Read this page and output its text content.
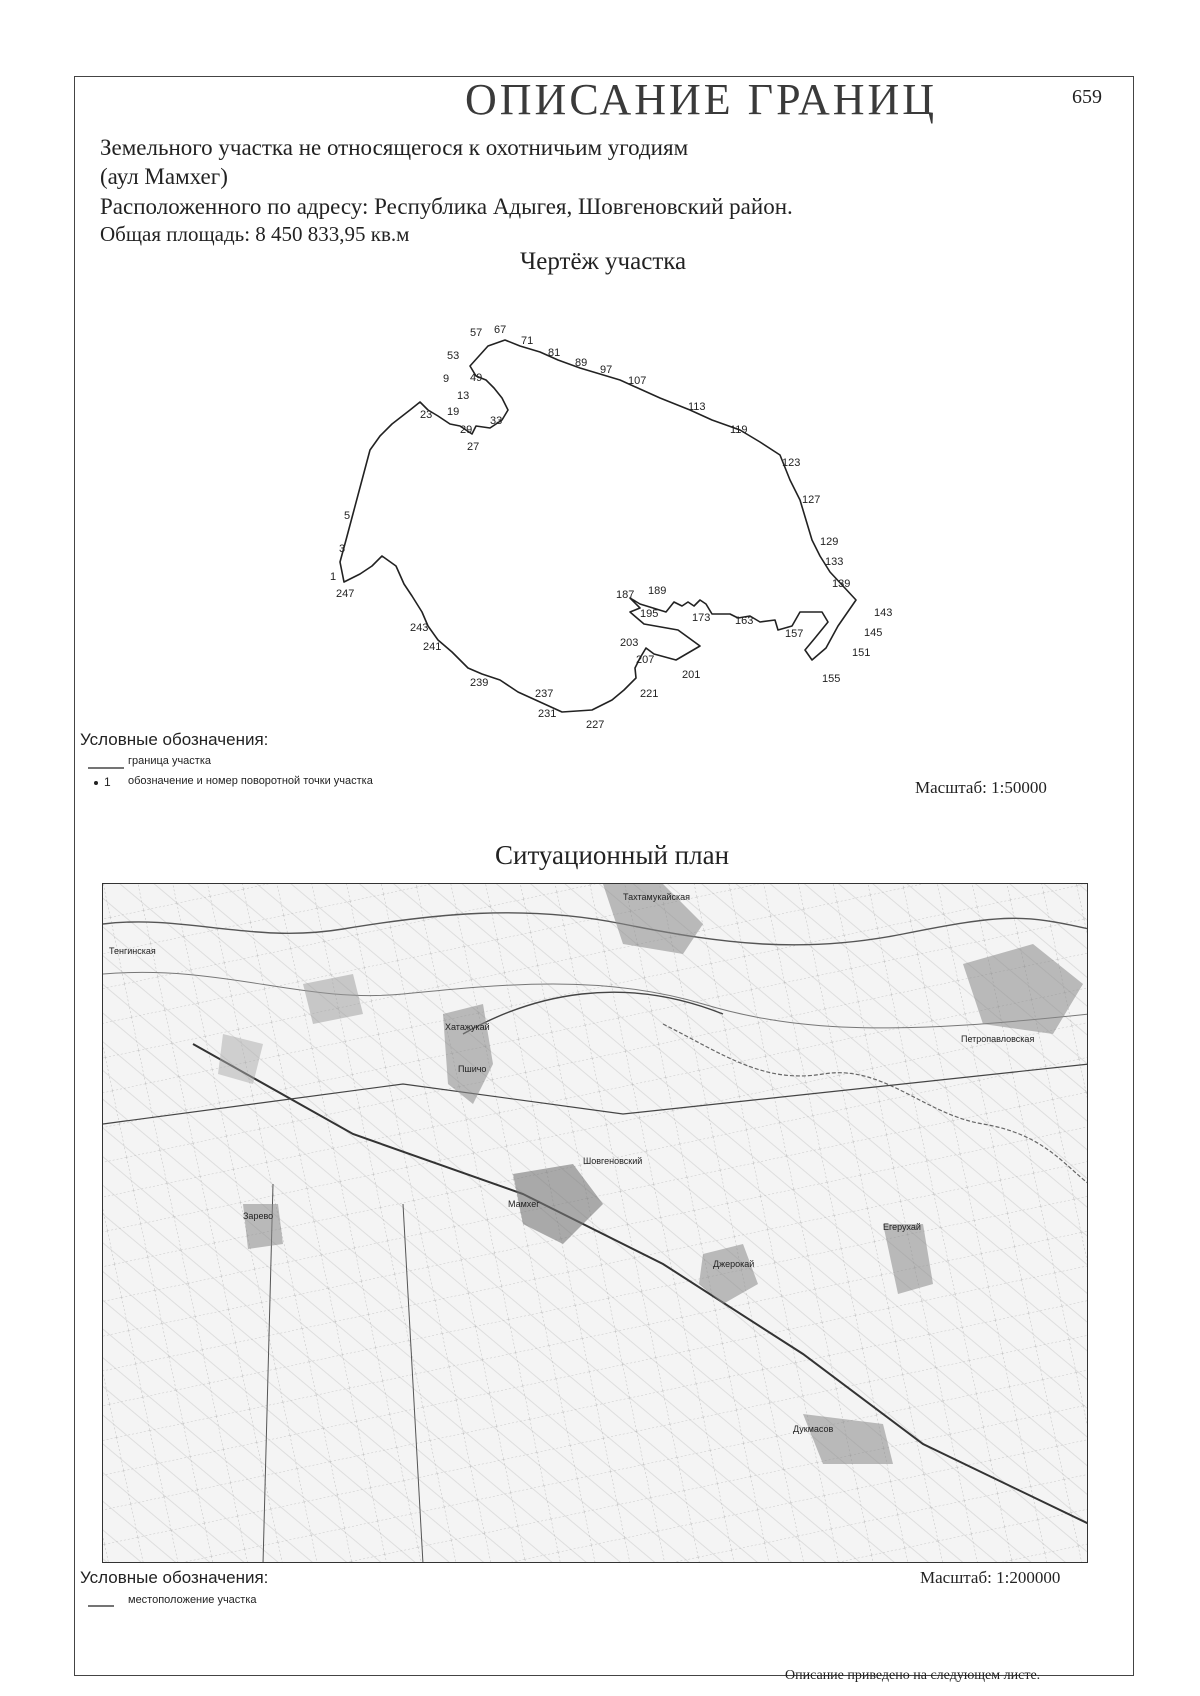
ОПИСАНИЕ ГРАНИЦ	659
Земельного участка не относящегося к охотничьим угодиям
(аул Мамхег)
Расположенного по адресу: Республика Адыгея, Шовгеновский район.
Общая площадь: 8 450 833,95 кв.м
Чертёж участка
57 67
71
81
89
97
107
53
9 49
13
19
23	33
29
27
113
119
123
127
5
3
1
247
129
133
139
187 189
195	173 163
157
143
145
151
155
243
241	203
207
201
239
237
231
221
227
Условные обозначения:
граница участка
1 обозначение и номер поворотной точки участка	Масштаб: 1:50000
Ситуационный план
Тахтамукайская
Тенгинская
Хатажукай
Пшичо
Шовгеновский
Мамхег
Джерокай
Зарево
Петропавловская
Егерухай
Дукмасов
Условные обозначения:
местоположение участка
Масштаб: 1:200000
Описание приведено на следующем листе.
